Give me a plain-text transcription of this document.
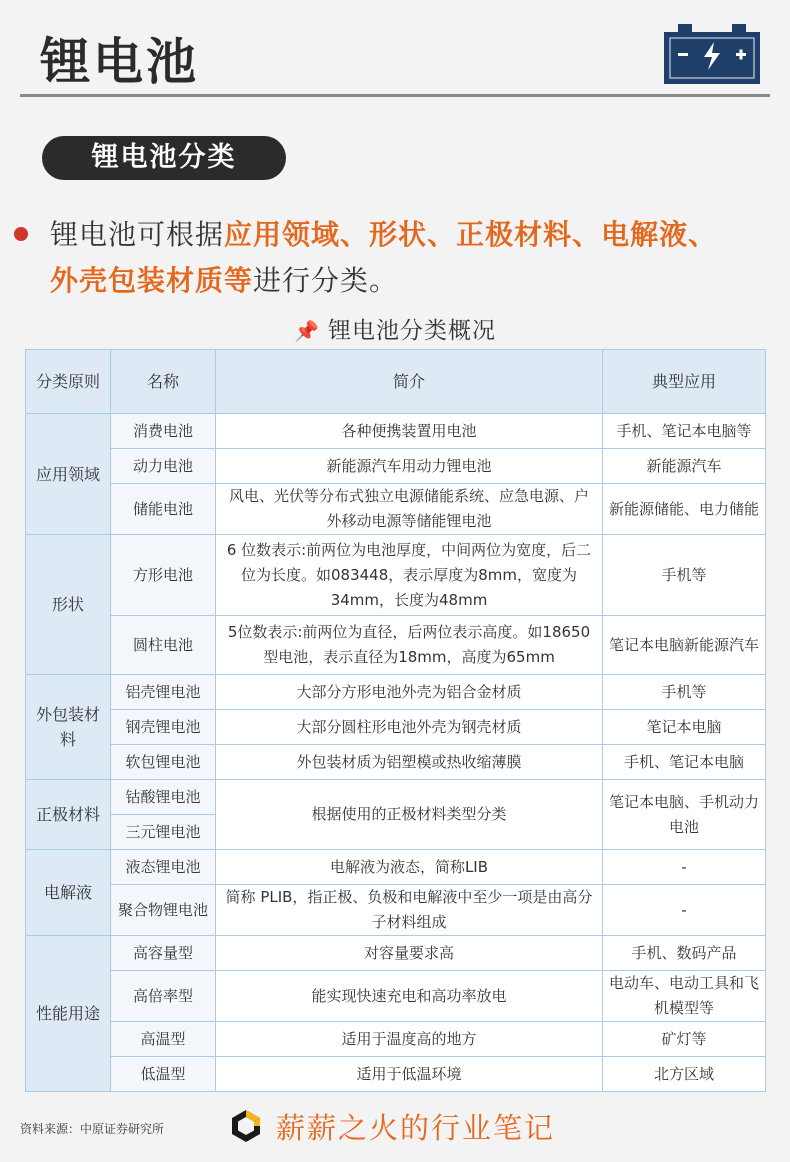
锂电池
锂电池分类
锂电池可根据应用领域、形状、正极材料、电解液、
外壳包装材质等进行分类。
📌 锂电池分类概况
分类原则	名称	简介	典型应用
应用领域	消费电池	各种便携装置用电池	手机、笔记本电脑等
	动力电池	新能源汽车用动力锂电池	新能源汽车
	储能电池	风电、光伏等分布式独立电源储能系统、应急电源、户外移动电源等储能锂电池	新能源储能、电力储能
形状	方形电池	6 位数表示:前两位为电池厚度，中间两位为宽度，后二位为长度。如083448，表示厚度为8mm，宽度为34mm，长度为48mm	手机等
	圆柱电池	5位数表示:前两位为直径，后两位表示高度。如18650 型电池，表示直径为18mm，高度为65mm	笔记本电脑新能源汽车
外包装材料	铝壳锂电池	大部分方形电池外壳为铝合金材质	手机等
	钢壳锂电池	大部分圆柱形电池外壳为钢壳材质	笔记本电脑
	软包锂电池	外包装材质为铝塑模或热收缩薄膜	手机、笔记本电脑
正极材料	钴酸锂电池	根据使用的正极材料类型分类	笔记本电脑、手机动力电池
	三元锂电池		
电解液	液态锂电池	电解液为液态，简称LIB	-
	聚合物锂电池	简称 PLIB，指正极、负极和电解液中至少一项是由高分子材料组成	-
性能用途	高容量型	对容量要求高	手机、数码产品
	高倍率型	能实现快速充电和高功率放电	电动车、电动工具和飞机模型等
	高温型	适用于温度高的地方	矿灯等
	低温型	适用于低温环境	北方区域
资料来源：中原证券研究所	薪薪之火的行业笔记
